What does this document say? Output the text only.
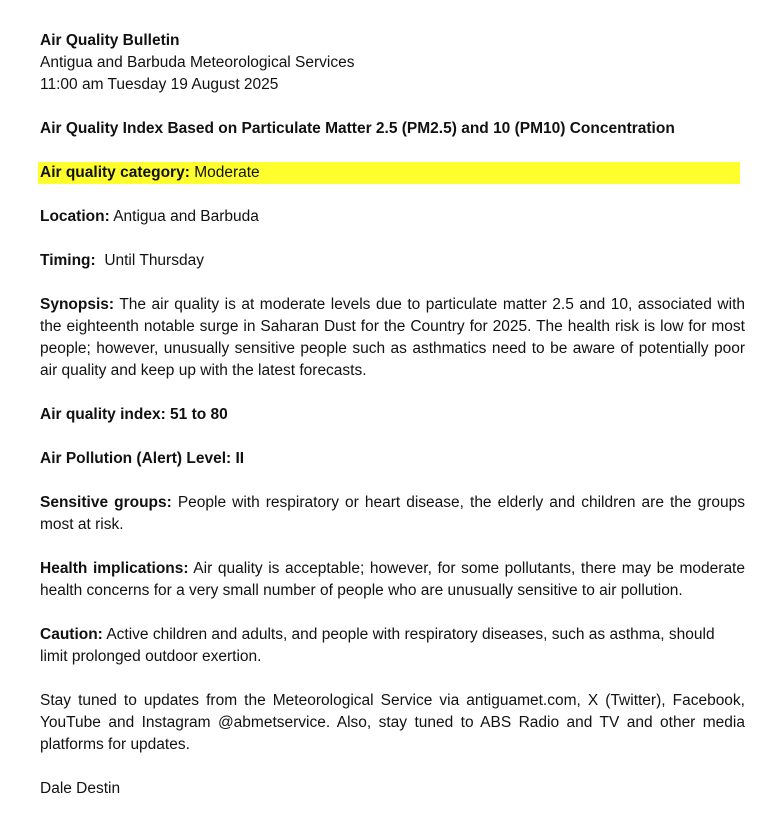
Air Quality Bulletin
Antigua and Barbuda Meteorological Services
11:00 am Tuesday 19 August 2025
Air Quality Index Based on Particulate Matter 2.5 (PM2.5) and 10 (PM10) Concentration
Air quality category: Moderate
Location: Antigua and Barbuda
Timing: Until Thursday
Synopsis: The air quality is at moderate levels due to particulate matter 2.5 and 10, associated with the eighteenth notable surge in Saharan Dust for the Country for 2025. The health risk is low for most people; however, unusually sensitive people such as asthmatics need to be aware of potentially poor air quality and keep up with the latest forecasts.
Air quality index: 51 to 80
Air Pollution (Alert) Level: II
Sensitive groups: People with respiratory or heart disease, the elderly and children are the groups most at risk.
Health implications: Air quality is acceptable; however, for some pollutants, there may be moderate health concerns for a very small number of people who are unusually sensitive to air pollution.
Caution: Active children and adults, and people with respiratory diseases, such as asthma, should limit prolonged outdoor exertion.
Stay tuned to updates from the Meteorological Service via antiguamet.com, X (Twitter), Facebook, YouTube and Instagram @abmetservice. Also, stay tuned to ABS Radio and TV and other media platforms for updates.
Dale Destin
